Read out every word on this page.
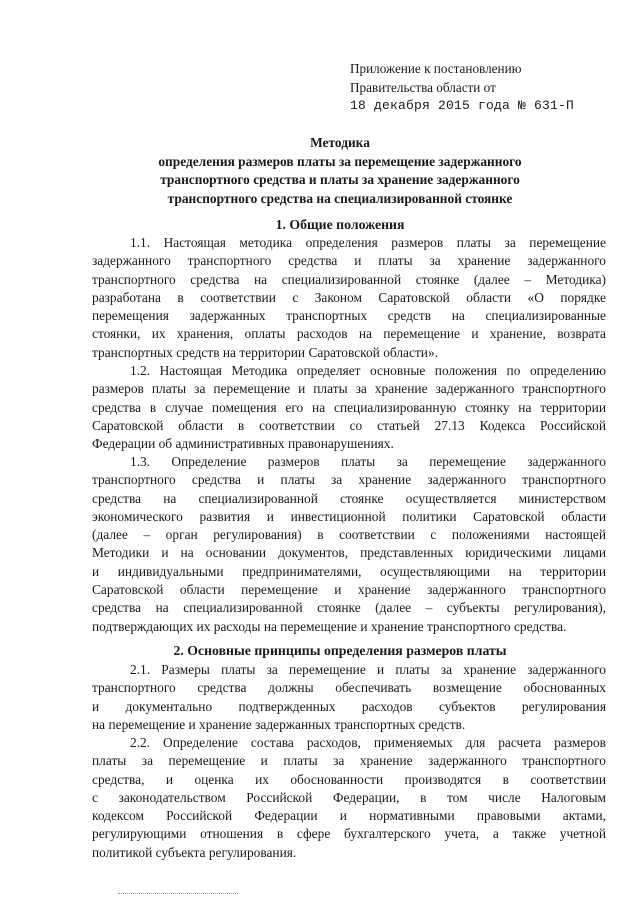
Приложение к постановлению
Правительства области от
18 декабря 2015 года № 631-П
Методика
определения размеров платы за перемещение задержанного
транспортного средства и платы за хранение задержанного
транспортного средства на специализированной стоянке
1. Общие положения
1.1. Настоящая методика определения размеров платы за перемещение
задержанного транспортного средства и платы за хранение задержанного
транспортного средства на специализированной стоянке (далее – Методика)
разработана в соответствии с Законом Саратовской области «О порядке
перемещения задержанных транспортных средств на специализированные
стоянки, их хранения, оплаты расходов на перемещение и хранение, возврата
транспортных средств на территории Саратовской области».
1.2. Настоящая Методика определяет основные положения по определению
размеров платы за перемещение и платы за хранение задержанного транспортного
средства в случае помещения его на специализированную стоянку на территории
Саратовской области в соответствии со статьей 27.13 Кодекса Российской
Федерации об административных правонарушениях.
1.3. Определение размеров платы за перемещение задержанного
транспортного средства и платы за хранение задержанного транспортного
средства на специализированной стоянке осуществляется министерством
экономического развития и инвестиционной политики Саратовской области
(далее – орган регулирования) в соответствии с положениями настоящей
Методики и на основании документов, представленных юридическими лицами
и индивидуальными предпринимателями, осуществляющими на территории
Саратовской области перемещение и хранение задержанного транспортного
средства на специализированной стоянке (далее – субъекты регулирования),
подтверждающих их расходы на перемещение и хранение транспортного средства.
2. Основные принципы определения размеров платы
2.1. Размеры платы за перемещение и платы за хранение задержанного
транспортного средства должны обеспечивать возмещение обоснованных
и документально подтвержденных расходов субъектов регулирования
на перемещение и хранение задержанных транспортных средств.
2.2. Определение состава расходов, применяемых для расчета размеров
платы за перемещение и платы за хранение задержанного транспортного
средства, и оценка их обоснованности производятся в соответствии
с законодательством Российской Федерации, в том числе Налоговым
кодексом Российской Федерации и нормативными правовыми актами,
регулирующими отношения в сфере бухгалтерского учета, а также учетной
политикой субъекта регулирования.
